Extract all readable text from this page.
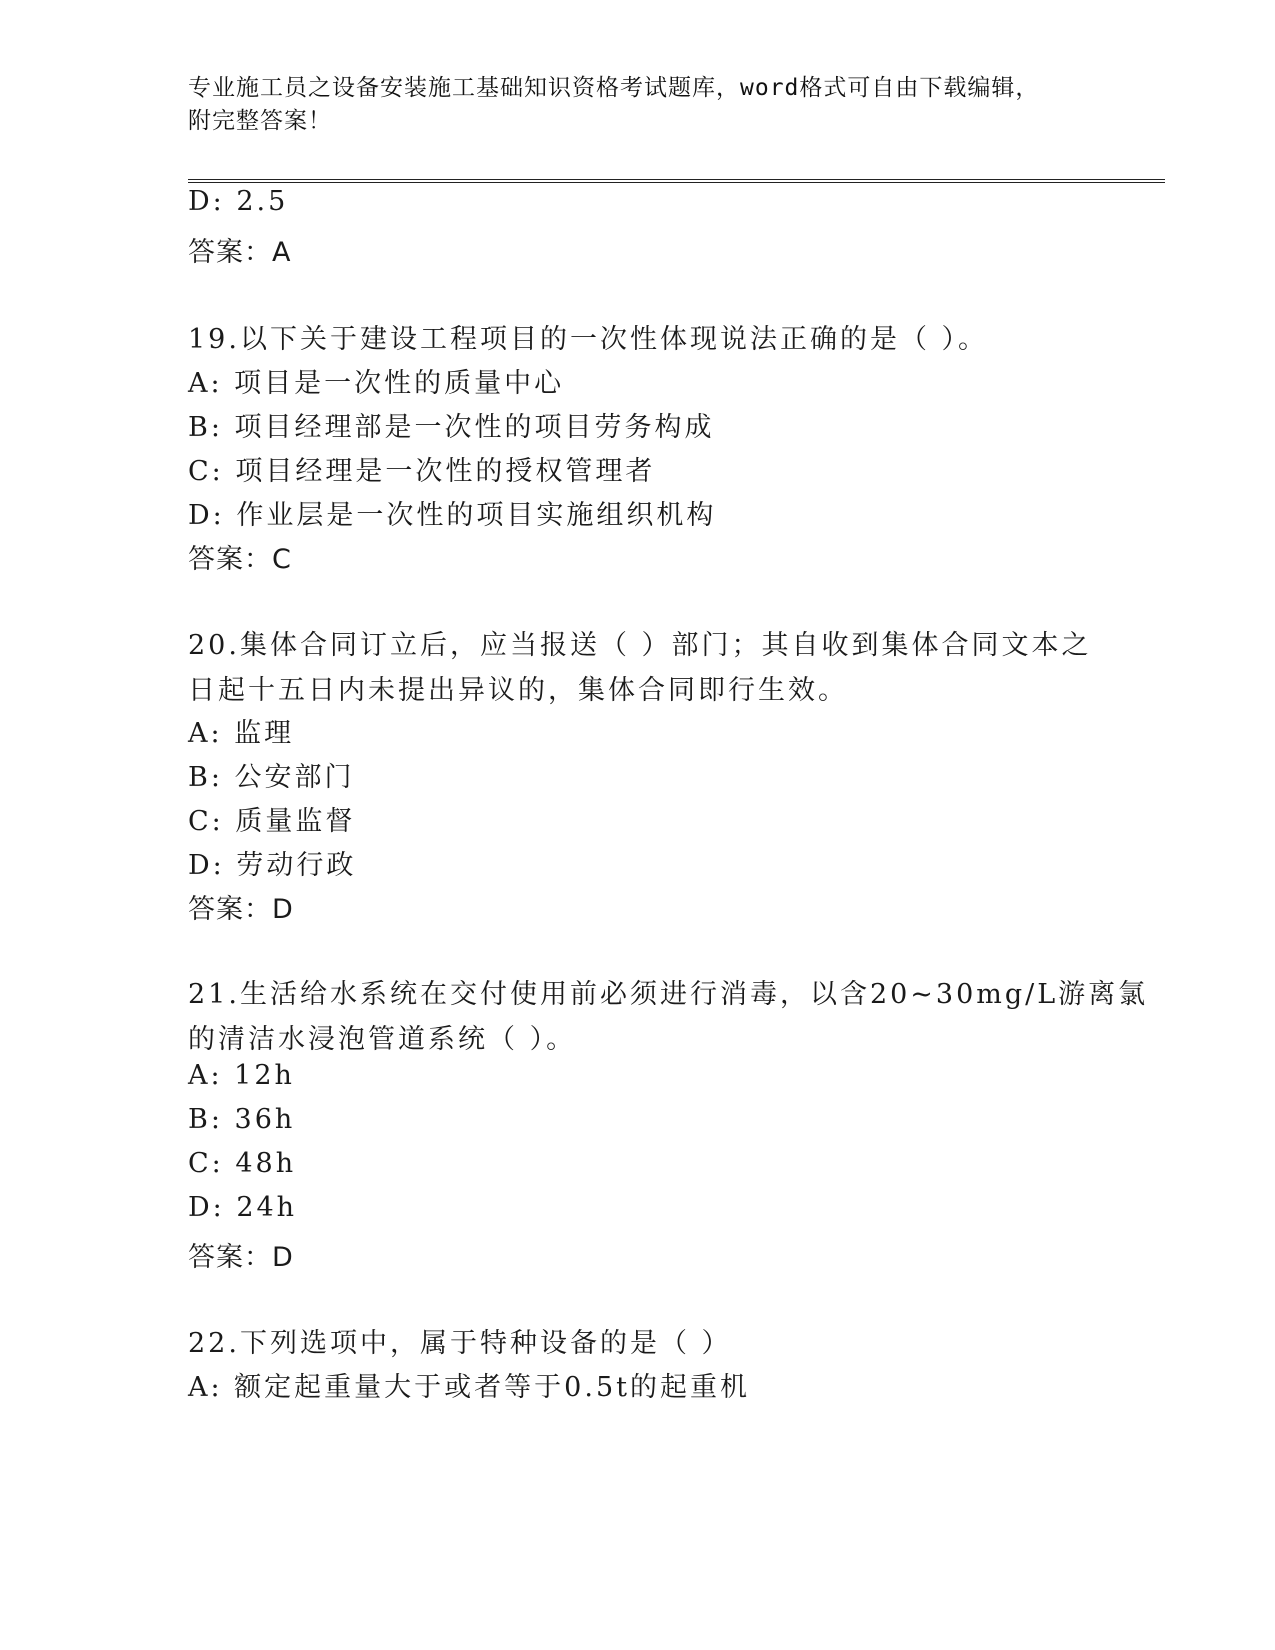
专业施工员之设备安装施工基础知识资格考试题库，word格式可自由下载编辑，
附完整答案！
D: 2.5
答案：A
19.以下关于建设工程项目的一次性体现说法正确的是（ ）。
A: 项目是一次性的质量中心
B: 项目经理部是一次性的项目劳务构成
C: 项目经理是一次性的授权管理者
D: 作业层是一次性的项目实施组织机构
答案：C
20.集体合同订立后，应当报送（ ）部门；其自收到集体合同文本之
日起十五日内未提出异议的，集体合同即行生效。
A: 监理
B: 公安部门
C: 质量监督
D: 劳动行政
答案：D
21.生活给水系统在交付使用前必须进行消毒，以含20~30mg/L游离氯
的清洁水浸泡管道系统（ ）。
A: 12h
B: 36h
C: 48h
D: 24h
答案：D
22.下列选项中，属于特种设备的是（ ）
A: 额定起重量大于或者等于0.5t的起重机
